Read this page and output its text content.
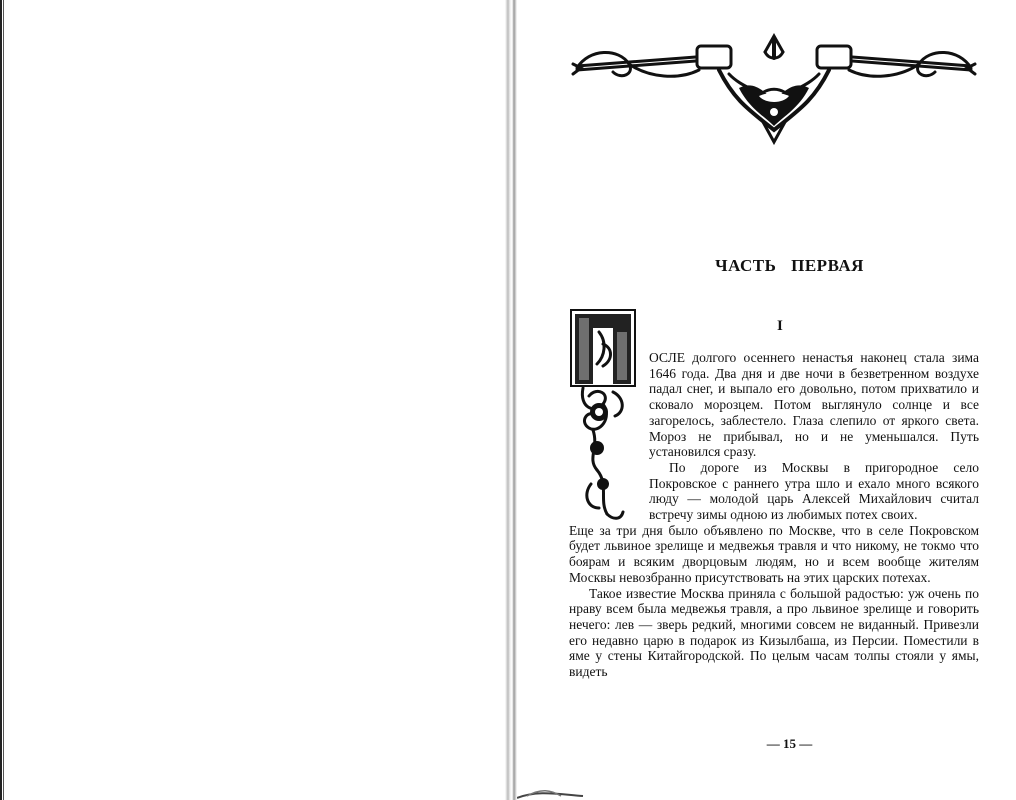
ЧАСТЬ ПЕРВАЯ
I

ОСЛЕ долгого осеннего ненастья наконец стала зима 1646 года. Два дня и две ночи в безветренном воздухе падал снег, и выпало его довольно, потом прихватило и сковало морозцем. Потом выглянуло солнце и все загорелось, заблестело. Глаза слепило от яркого света. Мороз не прибывал, но и не уменьшался. Путь установился сразу.

По дороге из Москвы в пригородное село Покровское с раннего утра шло и ехало много всякого люду — молодой царь Алексей Михайлович считал встречу зимы одною из любимых потех своих.

Еще за три дня было объявлено по Москве, что в селе Покровском будет львиное зрелище и медвежья травля и что никому, не токмо что боярам и всяким дворцовым людям, но и всем вообще жителям Москвы невозбранно присутствовать на этих царских потехах.

Такое известие Москва приняла с большой радостью: уж очень по нраву всем была медвежья травля, а про львиное зрелище и говорить нечего: лев — зверь редкий, многими совсем не виданный. Привезли его недавно царю в подарок из Кизылбаша, из Персии. Поместили в яме у стены Китайгородской. По целым часам толпы стояли у ямы, видеть

— 15 —
